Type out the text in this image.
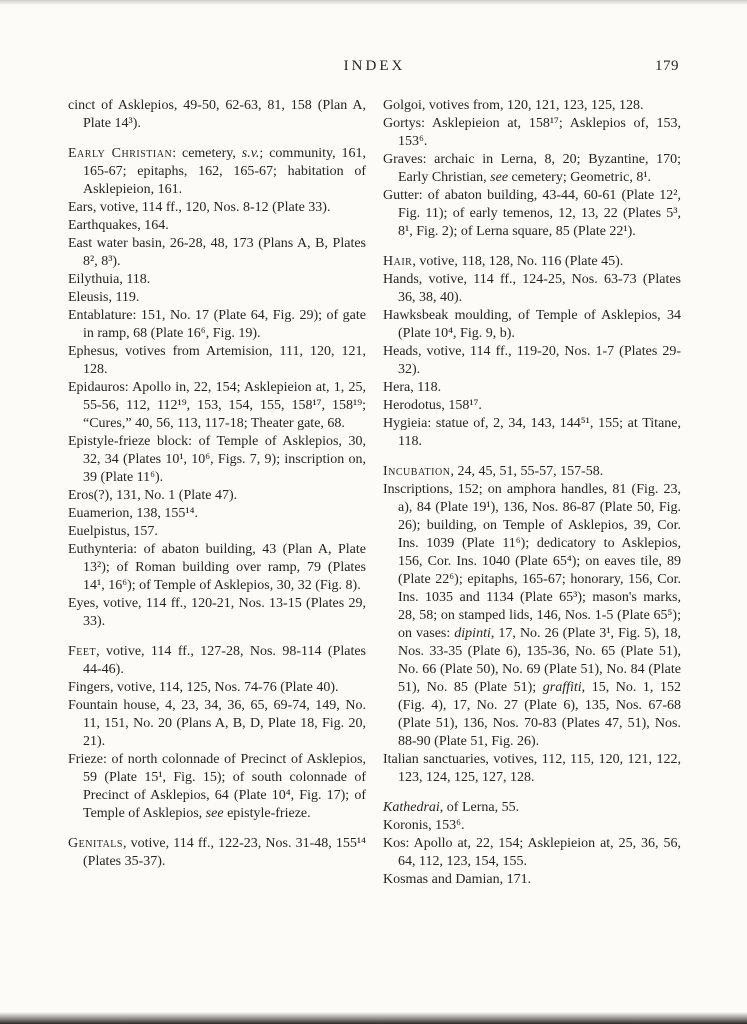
INDEX	179

cinct of Asklepios, 49-50, 62-63, 81, 158 (Plan A, Plate 14³).

Early Christian: cemetery, s.v.; community, 161, 165-67; epitaphs, 162, 165-67; habitation of Asklepieion, 161.

Ears, votive, 114 ff., 120, Nos. 8-12 (Plate 33).

Earthquakes, 164.

East water basin, 26-28, 48, 173 (Plans A, B, Plates 8², 8³).

Eilythuia, 118.

Eleusis, 119.

Entablature: 151, No. 17 (Plate 64, Fig. 29); of gate in ramp, 68 (Plate 16⁶, Fig. 19).

Ephesus, votives from Artemision, 111, 120, 121, 128.

Epidauros: Apollo in, 22, 154; Asklepieion at, 1, 25, 55-56, 112, 112¹⁹, 153, 154, 155, 158¹⁷, 158¹⁹; “Cures,” 40, 56, 113, 117-18; Theater gate, 68.

Epistyle-frieze block: of Temple of Asklepios, 30, 32, 34 (Plates 10¹, 10⁶, Figs. 7, 9); inscription on, 39 (Plate 11⁶).

Eros(?), 131, No. 1 (Plate 47).

Euamerion, 138, 155¹⁴.

Euelpistus, 157.

Euthynteria: of abaton building, 43 (Plan A, Plate 13²); of Roman building over ramp, 79 (Plates 14¹, 16⁶); of Temple of Asklepios, 30, 32 (Fig. 8).

Eyes, votive, 114 ff., 120-21, Nos. 13-15 (Plates 29, 33).

Feet, votive, 114 ff., 127-28, Nos. 98-114 (Plates 44-46).

Fingers, votive, 114, 125, Nos. 74-76 (Plate 40).

Fountain house, 4, 23, 34, 36, 65, 69-74, 149, No. 11, 151, No. 20 (Plans A, B, D, Plate 18, Fig. 20, 21).

Frieze: of north colonnade of Precinct of Asklepios, 59 (Plate 15¹, Fig. 15); of south colonnade of Precinct of Asklepios, 64 (Plate 10⁴, Fig. 17); of Temple of Asklepios, see epistyle-frieze.

Genitals, votive, 114 ff., 122-23, Nos. 31-48, 155¹⁴ (Plates 35-37).

Golgoi, votives from, 120, 121, 123, 125, 128.

Gortys: Asklepieion at, 158¹⁷; Asklepios of, 153, 153⁶.

Graves: archaic in Lerna, 8, 20; Byzantine, 170; Early Christian, see cemetery; Geometric, 8¹.

Gutter: of abaton building, 43-44, 60-61 (Plate 12², Fig. 11); of early temenos, 12, 13, 22 (Plates 5³, 8¹, Fig. 2); of Lerna square, 85 (Plate 22¹).

Hair, votive, 118, 128, No. 116 (Plate 45).

Hands, votive, 114 ff., 124-25, Nos. 63-73 (Plates 36, 38, 40).

Hawksbeak moulding, of Temple of Asklepios, 34 (Plate 10⁴, Fig. 9, b).

Heads, votive, 114 ff., 119-20, Nos. 1-7 (Plates 29-32).

Hera, 118.

Herodotus, 158¹⁷.

Hygieia: statue of, 2, 34, 143, 144⁵¹, 155; at Titane, 118.

Incubation, 24, 45, 51, 55-57, 157-58.

Inscriptions, 152; on amphora handles, 81 (Fig. 23, a), 84 (Plate 19¹), 136, Nos. 86-87 (Plate 50, Fig. 26); building, on Temple of Asklepios, 39, Cor. Ins. 1039 (Plate 11⁶); dedicatory to Asklepios, 156, Cor. Ins. 1040 (Plate 65⁴); on eaves tile, 89 (Plate 22⁶); epitaphs, 165-67; honorary, 156, Cor. Ins. 1035 and 1134 (Plate 65³); mason's marks, 28, 58; on stamped lids, 146, Nos. 1-5 (Plate 65⁵); on vases: dipinti, 17, No. 26 (Plate 3¹, Fig. 5), 18, Nos. 33-35 (Plate 6), 135-36, No. 65 (Plate 51), No. 66 (Plate 50), No. 69 (Plate 51), No. 84 (Plate 51), No. 85 (Plate 51); graffiti, 15, No. 1, 152 (Fig. 4), 17, No. 27 (Plate 6), 135, Nos. 67-68 (Plate 51), 136, Nos. 70-83 (Plates 47, 51), Nos. 88-90 (Plate 51, Fig. 26).

Italian sanctuaries, votives, 112, 115, 120, 121, 122, 123, 124, 125, 127, 128.

Kathedrai, of Lerna, 55.

Koronis, 153⁶.

Kos: Apollo at, 22, 154; Asklepieion at, 25, 36, 56, 64, 112, 123, 154, 155.

Kosmas and Damian, 171.
